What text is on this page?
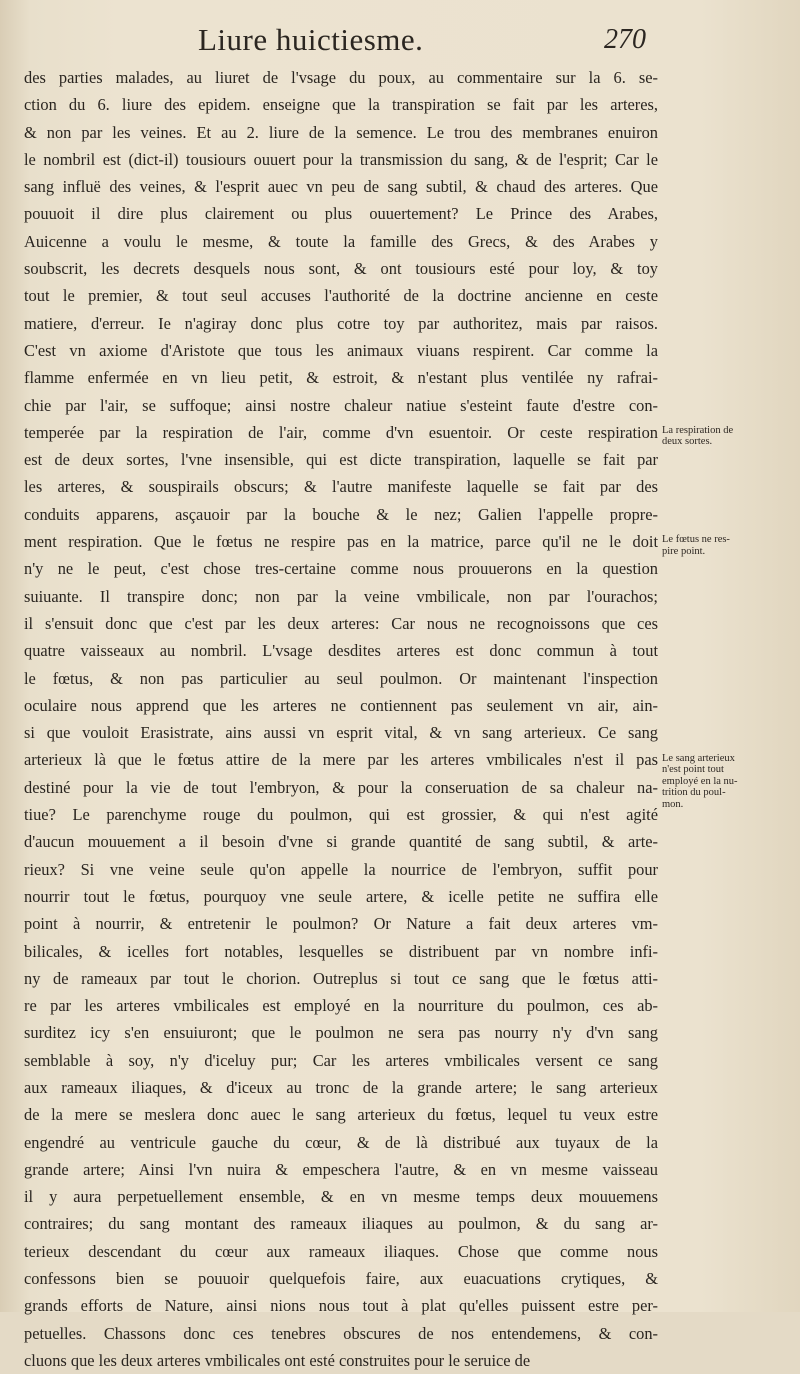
Liure huictiesme.	270
des parties malades, au liuret de l'vsage du poux, au commentaire sur la 6. se-
ction du 6. liure des epidem. enseigne que la transpiration se fait par les arteres,
& non par les veines. Et au 2. liure de la semence. Le trou des membranes enuiron
le nombril est (dict-il) tousiours ouuert pour la transmission du sang, & de l'esprit; Car le
sang influë des veines, & l'esprit auec vn peu de sang subtil, & chaud des arteres. Que
pouuoit il dire plus clairement ou plus ouuertement? Le Prince des Arabes,
Auicenne a voulu le mesme, & toute la famille des Grecs, & des Arabes y
soubscrit, les decrets desquels nous sont, & ont tousiours esté pour loy, & toy
tout le premier, & tout seul accuses l'authorité de la doctrine ancienne en ceste
matiere, d'erreur. Ie n'agiray donc plus cotre toy par authoritez, mais par raisos.
C'est vn axiome d'Aristote que tous les animaux viuans respirent. Car comme la
flamme enfermée en vn lieu petit, & estroit, & n'estant plus ventilée ny rafrai-
chie par l'air, se suffoque; ainsi nostre chaleur natiue s'esteint faute d'estre con-
temperée par la respiration de l'air, comme d'vn esuentoir. Or ceste respiration
est de deux sortes, l'vne insensible, qui est dicte transpiration, laquelle se fait par
les arteres, & souspirails obscurs; & l'autre manifeste laquelle se fait par des
conduits apparens, asçauoir par la bouche & le nez; Galien l'appelle propre-
ment respiration. Que le fœtus ne respire pas en la matrice, parce qu'il ne le doit
n'y ne le peut, c'est chose tres-certaine comme nous prouuerons en la question
suiuante. Il transpire donc; non par la veine vmbilicale, non par l'ourachos;
il s'ensuit donc que c'est par les deux arteres: Car nous ne recognoissons que ces
quatre vaisseaux au nombril. L'vsage desdites arteres est donc commun à tout
le fœtus, & non pas particulier au seul poulmon. Or maintenant l'inspection
oculaire nous apprend que les arteres ne contiennent pas seulement vn air, ain-
si que vouloit Erasistrate, ains aussi vn esprit vital, & vn sang arterieux. Ce sang
arterieux là que le fœtus attire de la mere par les arteres vmbilicales n'est il pas
destiné pour la vie de tout l'embryon, & pour la conseruation de sa chaleur na-
tiue? Le parenchyme rouge du poulmon, qui est grossier, & qui n'est agité
d'aucun mouuement a il besoin d'vne si grande quantité de sang subtil, & arte-
rieux? Si vne veine seule qu'on appelle la nourrice de l'embryon, suffit pour
nourrir tout le fœtus, pourquoy vne seule artere, & icelle petite ne suffira elle
point à nourrir, & entretenir le poulmon? Or Nature a fait deux arteres vm-
bilicales, & icelles fort notables, lesquelles se distribuent par vn nombre infi-
ny de rameaux par tout le chorion. Outreplus si tout ce sang que le fœtus atti-
re par les arteres vmbilicales est employé en la nourriture du poulmon, ces ab-
surditez icy s'en ensuiuront; que le poulmon ne sera pas nourry n'y d'vn sang
semblable à soy, n'y d'iceluy pur; Car les arteres vmbilicales versent ce sang
aux rameaux iliaques, & d'iceux au tronc de la grande artere; le sang arterieux
de la mere se meslera donc auec le sang arterieux du fœtus, lequel tu veux estre
engendré au ventricule gauche du cœur, & de là distribué aux tuyaux de la
grande artere; Ainsi l'vn nuira & empeschera l'autre, & en vn mesme vaisseau
il y aura perpetuellement ensemble, & en vn mesme temps deux mouuemens
contraires; du sang montant des rameaux iliaques au poulmon, & du sang ar-
terieux descendant du cœur aux rameaux iliaques. Chose que comme nous
confessons bien se pouuoir quelquefois faire, aux euacuations crytiques, &
grands efforts de Nature, ainsi nions nous tout à plat qu'elles puissent estre per-
petuelles. Chassons donc ces tenebres obscures de nos entendemens, & con-
cluons que les deux arteres vmbilicales ont esté construites pour le seruice de
La respiration de
deux sortes.
Le fœtus ne res-
pire point.
Le sang arterieux
n'est point tout
employé en la nu-
trition du poul-
mon.
